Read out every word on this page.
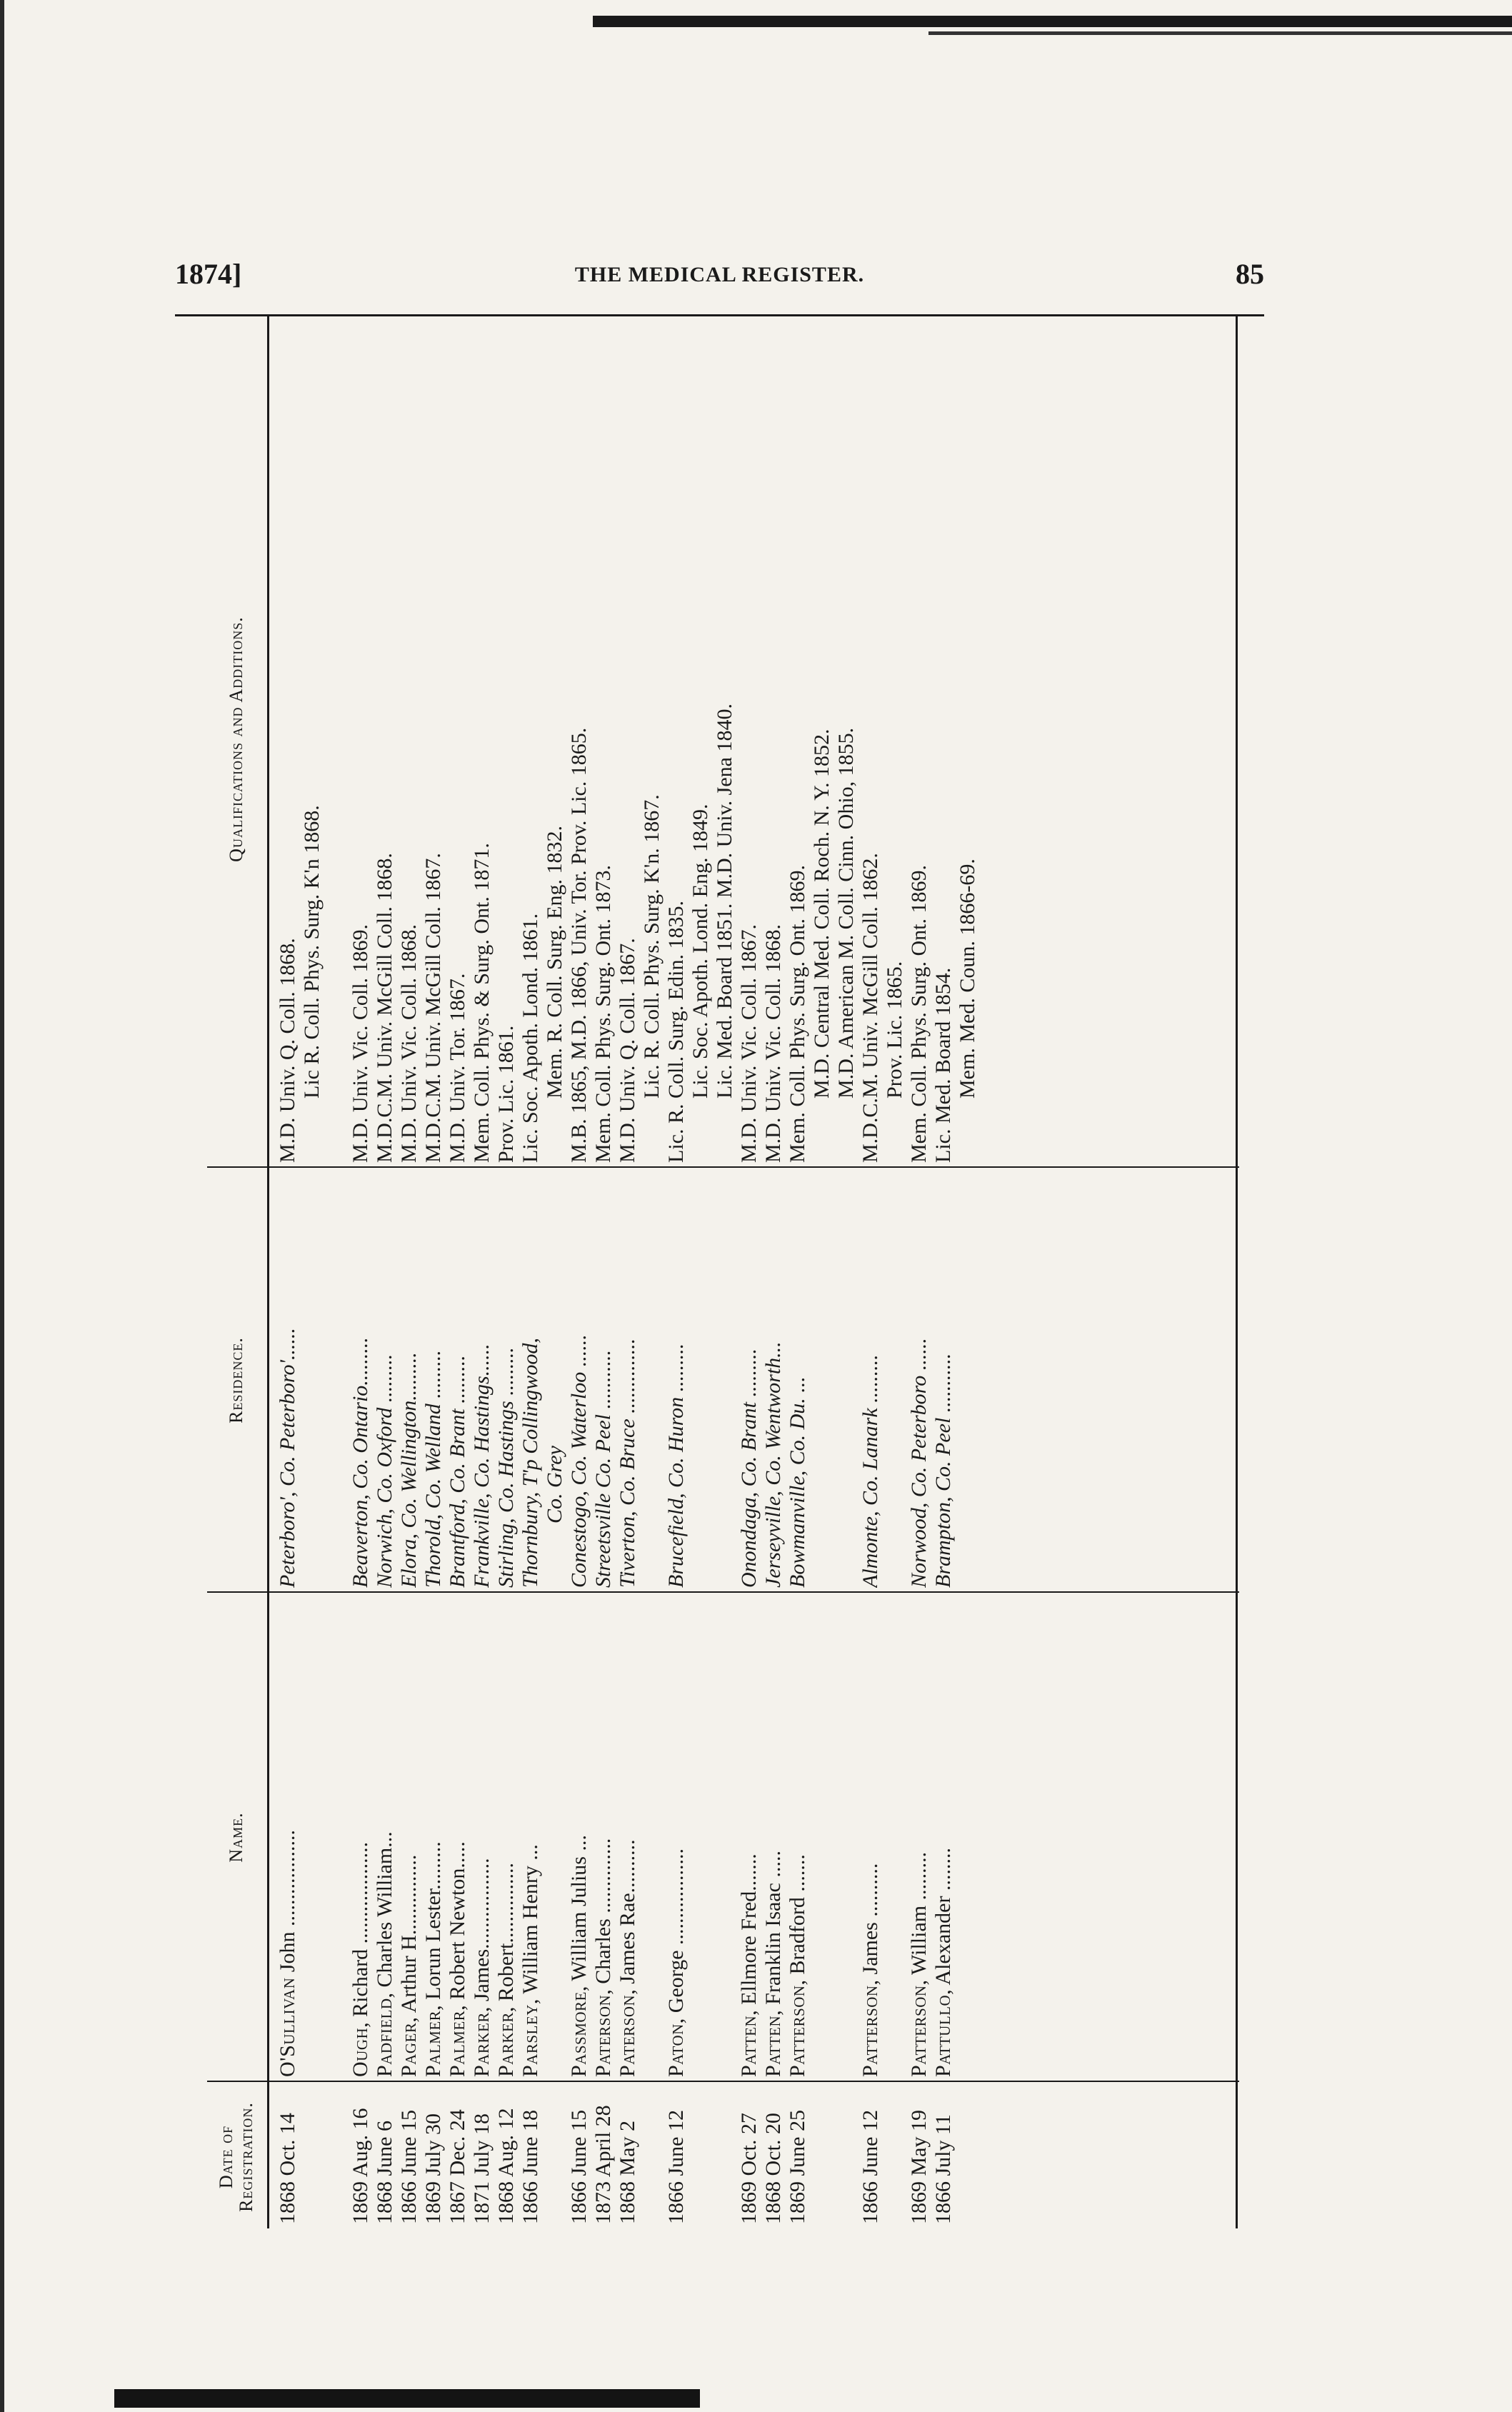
1874]	THE MEDICAL REGISTER.	85
Date of Registration.
Name.
Residence.
Qualifications and Additions.
1868 Oct. 14
O'Sullivan John ..................
Peterboro', Co. Peterboro'......
M.D. Univ. Q. Coll. 1868. Lic R. Coll. Phys. Surg. K'n 1868.
1869 Aug. 16
Ough, Richard ...................
Beaverton, Co. Ontario.........
M.D. Univ. Vic. Coll. 1869.
1868 June 6
Padfield, Charles William...
Norwich, Co. Oxford .........
M.D.C.M. Univ. McGill Coll. 1868.
1866 June 15
Pager, Arthur H...............
Elora, Co. Wellington.........
M.D. Univ. Vic. Coll. 1868.
1869 July 30
Palmer, Lorun Lester.........
Thorold, Co. Welland .........
M.D.C.M. Univ. McGill Coll. 1867.
1867 Dec. 24
Palmer, Robert Newton.....
Brantford, Co. Brant .........
M.D. Univ. Tor. 1867.
1871 July 18
Parker, James.................
Frankville, Co. Hastings......
Mem. Coll. Phys. & Surg. Ont. 1871.
1868 Aug. 12
Parker, Robert...............
Stirling, Co. Hastings .........
Prov. Lic. 1861.
1866 June 18
Parsley, William Henry ...
Thornbury, T'p Collingwood, Co. Grey
Lic. Soc. Apoth. Lond. 1861. Mem. R. Coll. Surg. Eng. 1832.
1866 June 15
Passmore, William Julius ...
Conestogo, Co. Waterloo ......
M.B. 1865, M.D. 1866, Univ. Tor. Prov. Lic. 1865.
1873 April 28
Paterson, Charles ..............
Streetsville Co. Peel ...........
Mem. Coll. Phys. Surg. Ont. 1873.
1868 May 2
Paterson, James Rae..........
Tiverton, Co. Bruce ..............
M.D. Univ. Q. Coll. 1867. Lic. R. Coll. Phys. Surg. K'n. 1867.
1866 June 12
Paton, George ..................
Brucefield, Co. Huron .........
Lic. R. Coll. Surg. Edin. 1835. Lic. Soc. Apoth. Lond. Eng. 1849. Lic. Med. Board 1851. M.D. Univ. Jena 1840.
1869 Oct. 27
Patten, Ellmore Fred.......
Onondaga, Co. Brant .........
M.D. Univ. Vic. Coll. 1867.
1868 Oct. 20
Patten, Franklin Isaac .....
Jerseyville, Co. Wentworth...
M.D. Univ. Vic. Coll. 1868.
1869 June 25
Patterson, Bradford .......
Bowmanville, Co. Du. ...
Mem. Coll. Phys. Surg. Ont. 1869. M.D. Central Med. Coll. Roch. N. Y. 1852. M.D. American M. Coll. Cinn. Ohio, 1855.
1866 June 12
Patterson, James ..........
Almonte, Co. Lanark .........
M.D.C.M. Univ. McGill Coll. 1862. Prov. Lic. 1865.
1869 May 19
Patterson, William .........
Norwood, Co. Peterboro ......
Mem. Coll. Phys. Surg. Ont. 1869.
1866 July 11
Pattullo, Alexander ........
Brampton, Co. Peel ...........
Lic. Med. Board 1854. Mem. Med. Coun. 1866-69.
